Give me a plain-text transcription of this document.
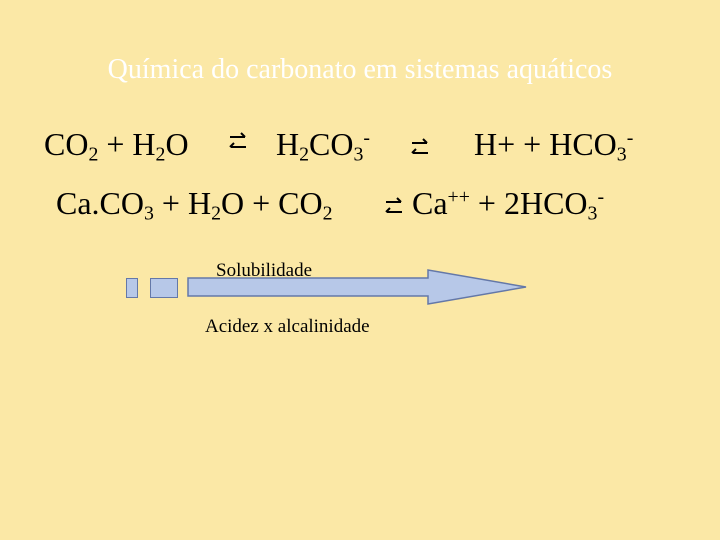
Química do carbonato em sistemas aquáticos
$CO_2 + H_2O$	$H_2CO_3^-$	$H+ + HCO_3^-$
$Ca.CO_3 + H_2O + CO_2$	⇌ $Ca^{++} + 2HCO_3^-$
Solubilidade
Acidez x alcalinidade
